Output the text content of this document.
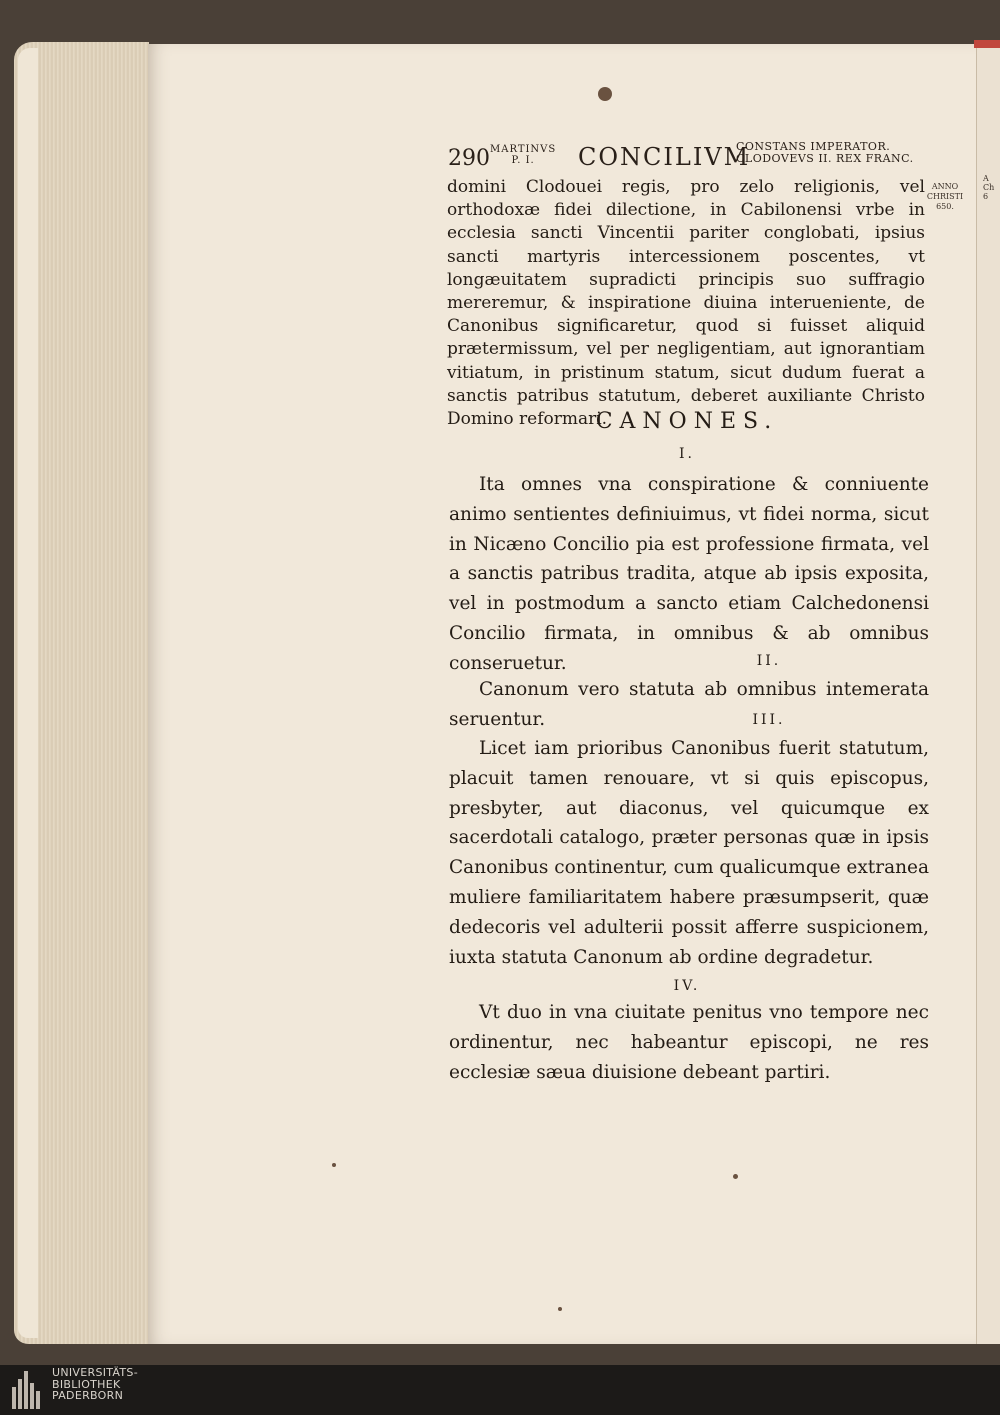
A Ch 6
290 MARTINVS
P. I.	CONCILIVM
CONSTANS IMPERATOR.
CLODOVEVS II. REX FRANC.
ANNO
CHRISTI
650.
domini Clodouei regis, pro zelo religionis, vel orthodoxæ fidei dilectione, in Cabilonensi vrbe in ecclesia sancti Vincentii pariter conglobati, ipsius sancti martyris intercessionem poscentes, vt longæuitatem supradicti principis suo suffragio mereremur, & inspiratione diuina interueniente, de Canonibus significaretur, quod si fuisset aliquid prætermissum, vel per negligentiam, aut ignorantiam vitiatum, in pristinum statum, sicut dudum fuerat a sanctis patribus statutum, deberet auxiliante Christo Domino reformari.
CANONES.
I.
Ita omnes vna conspiratione & conniuente animo sentientes definiuimus, vt fidei norma, sicut in Nicæno Concilio pia est professione firmata, vel a sanctis patribus tradita, atque ab ipsis exposita, vel in postmodum a sancto etiam Calchedonensi Concilio firmata, in omnibus & ab omnibus conseruetur.	II.
Canonum vero statuta ab omnibus intemerata seruentur.	III.
Licet iam prioribus Canonibus fuerit statutum, placuit tamen renouare, vt si quis episcopus, presbyter, aut diaconus, vel quicumque ex sacerdotali catalogo, præter personas quæ in ipsis Canonibus continentur, cum qualicumque extranea muliere familiaritatem habere præsumpserit, quæ dedecoris vel adulterii possit afferre suspicionem, iuxta statuta Canonum ab ordine degradetur.
IV.
Vt duo in vna ciuitate penitus vno tempore nec ordinentur, nec habeantur episcopi, ne res ecclesiæ sæua diuisione debeant partiri.
UNIVERSITÄTS-
BIBLIOTHEK
PADERBORN
